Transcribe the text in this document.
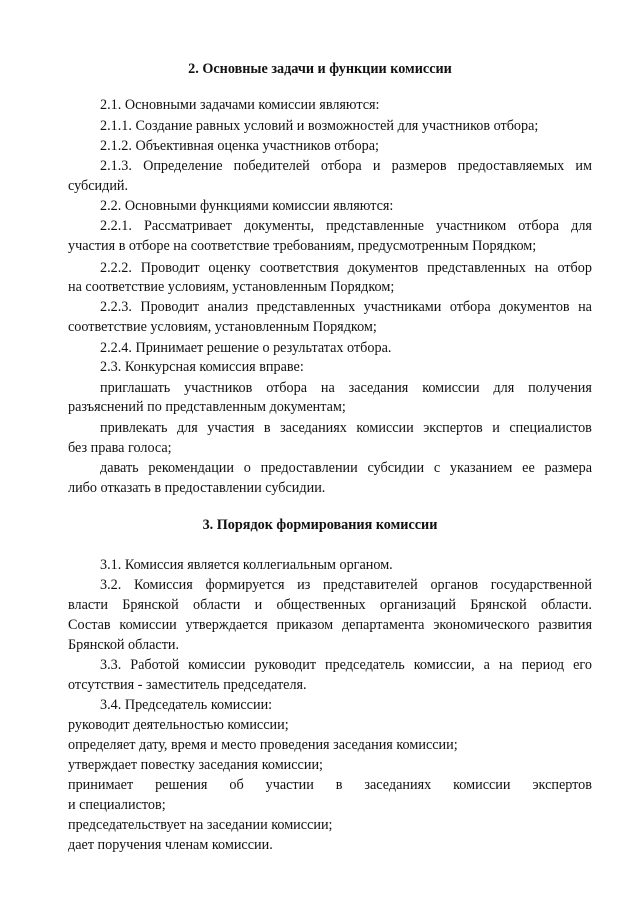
2. Основные задачи и функции комиссии
2.1. Основными задачами комиссии являются:
2.1.1. Создание равных условий и возможностей для участников отбора;
2.1.2. Объективная оценка участников отбора;
2.1.3. Определение победителей отбора и размеров предоставляемых им
субсидий.
2.2. Основными функциями комиссии являются:
2.2.1. Рассматривает документы, представленные участником отбора для
участия в отборе на соответствие требованиям, предусмотренным Порядком;
2.2.2. Проводит оценку соответствия документов представленных на отбор
на соответствие условиям, установленным Порядком;
2.2.3. Проводит анализ представленных участниками отбора документов на
соответствие условиям, установленным Порядком;
2.2.4. Принимает решение о результатах отбора.
2.3. Конкурсная комиссия вправе:
приглашать участников отбора на заседания комиссии для получения
разъяснений по представленным документам;
привлекать для участия в заседаниях комиссии экспертов и специалистов
без права голоса;
давать рекомендации о предоставлении субсидии с указанием ее размера
либо отказать в предоставлении субсидии.
3. Порядок формирования комиссии
3.1. Комиссия является коллегиальным органом.
3.2. Комиссия формируется из представителей органов государственной
власти Брянской области и общественных организаций Брянской области.
Состав комиссии утверждается приказом департамента экономического развития
Брянской области.
3.3. Работой комиссии руководит председатель комиссии, а на период его
отсутствия - заместитель председателя.
3.4. Председатель комиссии:
руководит деятельностью комиссии;
определяет дату, время и место проведения заседания комиссии;
утверждает повестку заседания комиссии;
принимает решения об участии в заседаниях комиссии экспертов
и специалистов;
председательствует на заседании комиссии;
дает поручения членам комиссии.
